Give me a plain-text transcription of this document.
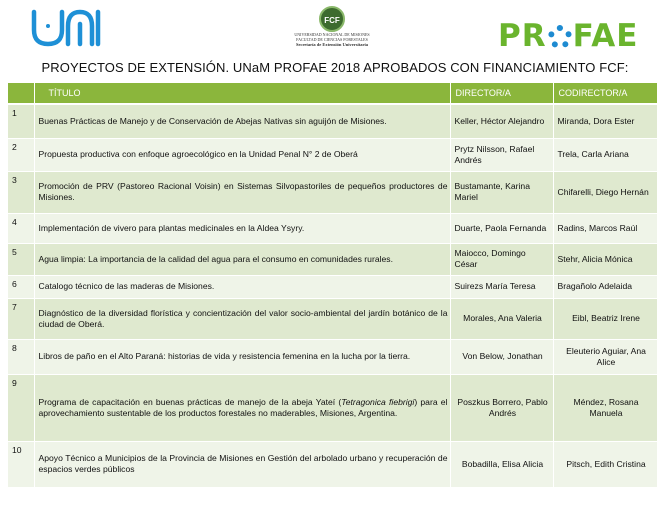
FCF
UNIVERSIDAD NACIONAL DE MISIONES
FACULTAD DE CIENCIAS FORESTALES
Secretaría de Extensión Universitaria	PR FAE
PROYECTOS DE EXTENSIÓN. UNaM PROFAE 2018 APROBADOS CON FINANCIAMIENTO FCF:
	TÍTULO	DIRECTOR/A	CODIRECTOR/A
1	Buenas Prácticas de Manejo y de Conservación de Abejas Nativas sin aguijón de Misiones.	Keller, Héctor Alejandro	Miranda, Dora Ester
2	Propuesta productiva con enfoque agroecológico en la Unidad Penal N° 2 de Oberá	Prytz Nilsson, Rafael Andrés	Trela, Carla Ariana
3	Promoción de PRV (Pastoreo Racional Voisin) en Sistemas Silvopastoriles de pequeños productores de Misiones.	Bustamante, Karina Mariel	Chifarelli, Diego Hernán
4	Implementación de vivero para plantas medicinales en la Aldea Ysyry.	Duarte, Paola Fernanda	Radins, Marcos Raúl
5	Agua limpia: La importancia de la calidad del agua para el consumo en comunidades rurales.	Maiocco, Domingo César	Stehr, Alicia Mónica
6	Catalogo técnico de las maderas de Misiones.	Suirezs María Teresa	Bragañolo Adelaida
7	Diagnóstico de la diversidad florística y concientización del valor socio-ambiental del jardín botánico de la ciudad de Oberá.	Morales, Ana Valeria	Eibl, Beatriz Irene
8	Libros de paño en el Alto Paraná: historias de vida y resistencia femenina en la lucha por la tierra.	Von Below, Jonathan	Eleuterio Aguiar, Ana Alice
9	Programa de capacitación en buenas prácticas de manejo de la abeja Yateí (Tetragonica fiebrigi) para el aprovechamiento sustentable de los productos forestales no maderables, Misiones, Argentina.	Poszkus Borrero, Pablo Andrés	Méndez, Rosana Manuela
10	Apoyo Técnico a Municipios de la Provincia de Misiones en Gestión del arbolado urbano y recuperación de espacios verdes públicos	Bobadilla, Elisa Alicia	Pitsch, Edith Cristina
